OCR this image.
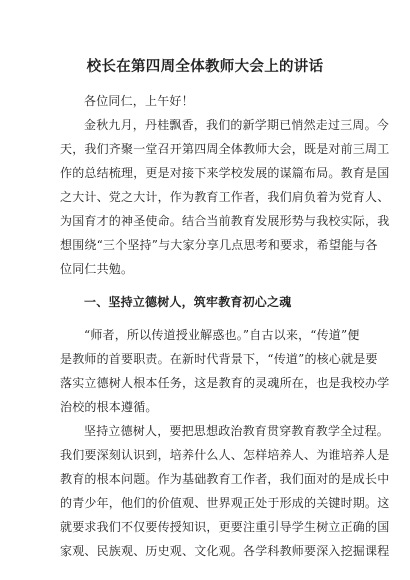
校长在第四周全体教师大会上的讲话
各位同仁，上午好！
金秋九月，丹桂飘香，我们的新学期已悄然走过三周。今
天，我们齐聚一堂召开第四周全体教师大会，既是对前三周工
作的总结梳理，更是对接下来学校发展的谋篇布局。教育是国
之大计、党之大计，作为教育工作者，我们肩负着为党育人、
为国育才的神圣使命。结合当前教育发展形势与我校实际，我
想围绕“三个坚持”与大家分享几点思考和要求，希望能与各
位同仁共勉。
一、坚持立德树人，筑牢教育初心之魂
“师者，所以传道授业解惑也。”自古以来，“传道”便
是教师的首要职责。在新时代背景下，“传道”的核心就是要
落实立德树人根本任务，这是教育的灵魂所在，也是我校办学
治校的根本遵循。
坚持立德树人，要把思想政治教育贯穿教育教学全过程。
我们要深刻认识到，培养什么人、怎样培养人、为谁培养人是
教育的根本问题。作为基础教育工作者，我们面对的是成长中
的青少年，他们的价值观、世界观正处于形成的关键时期。这
就要求我们不仅要传授知识，更要注重引导学生树立正确的国
家观、民族观、历史观、文化观。各学科教师要深入挖掘课程
